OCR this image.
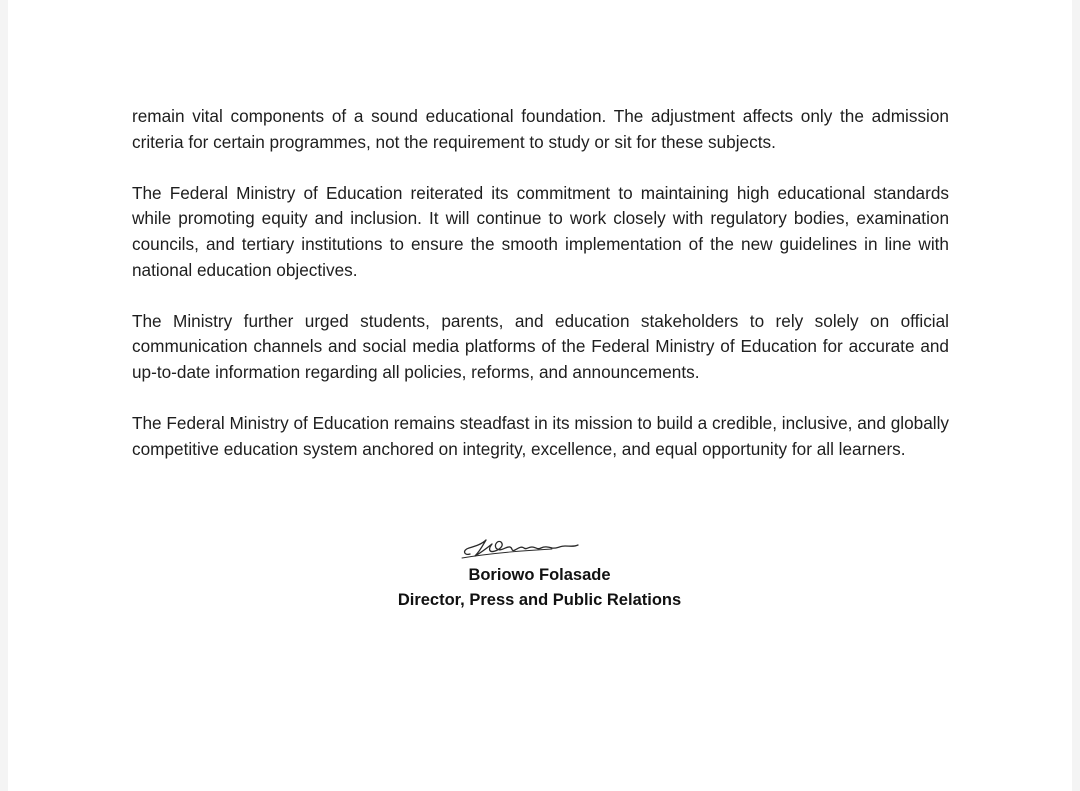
remain vital components of a sound educational foundation. The adjustment affects only the admission criteria for certain programmes, not the requirement to study or sit for these subjects.

The Federal Ministry of Education reiterated its commitment to maintaining high educational standards while promoting equity and inclusion. It will continue to work closely with regulatory bodies, examination councils, and tertiary institutions to ensure the smooth implementation of the new guidelines in line with national education objectives.

The Ministry further urged students, parents, and education stakeholders to rely solely on official communication channels and social media platforms of the Federal Ministry of Education for accurate and up-to-date information regarding all policies, reforms, and announcements.

The Federal Ministry of Education remains steadfast in its mission to build a credible, inclusive, and globally competitive education system anchored on integrity, excellence, and equal opportunity for all learners.

Boriowo Folasade
Director, Press and Public Relations
